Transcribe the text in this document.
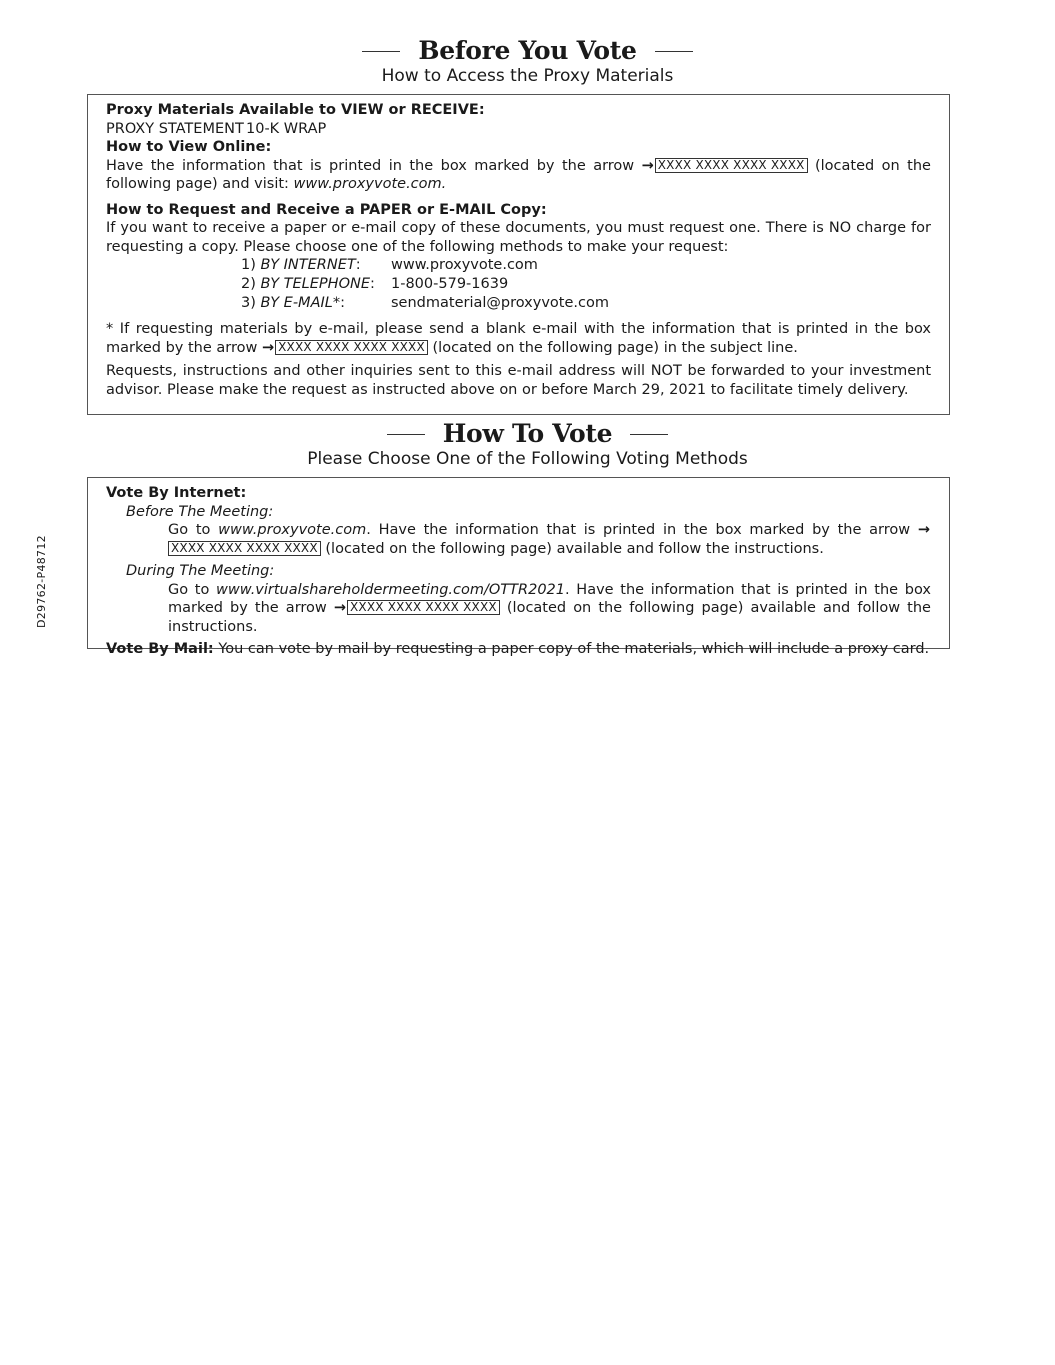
D29762-P48712
Before You Vote
How to Access the Proxy Materials
Proxy Materials Available to VIEW or RECEIVE:
PROXY STATEMENT 10-K WRAP
How to View Online:
Have the information that is printed in the box marked by the arrow → XXXX XXXX XXXX XXXX (located on the following page) and visit: www.proxyvote.com.
How to Request and Receive a PAPER or E-MAIL Copy:
If you want to receive a paper or e-mail copy of these documents, you must request one. There is NO charge for requesting a copy. Please choose one of the following methods to make your request:
1) BY INTERNET:	www.proxyvote.com
2) BY TELEPHONE:	1-800-579-1639
3) BY E-MAIL*:	sendmaterial@proxyvote.com
* If requesting materials by e-mail, please send a blank e-mail with the information that is printed in the box marked by the arrow → XXXX XXXX XXXX XXXX (located on the following page) in the subject line.
Requests, instructions and other inquiries sent to this e-mail address will NOT be forwarded to your investment advisor. Please make the request as instructed above on or before March 29, 2021 to facilitate timely delivery.
How To Vote
Please Choose One of the Following Voting Methods
Vote By Internet:
Before The Meeting:
Go to www.proxyvote.com. Have the information that is printed in the box marked by the arrow →XXXX XXXX XXXX XXXX (located on the following page) available and follow the instructions.
During The Meeting:
Go to www.virtualshareholdermeeting.com/OTTR2021. Have the information that is printed in the box marked by the arrow → XXXX XXXX XXXX XXXX (located on the following page) available and follow the instructions.
Vote By Mail: You can vote by mail by requesting a paper copy of the materials, which will include a proxy card.
